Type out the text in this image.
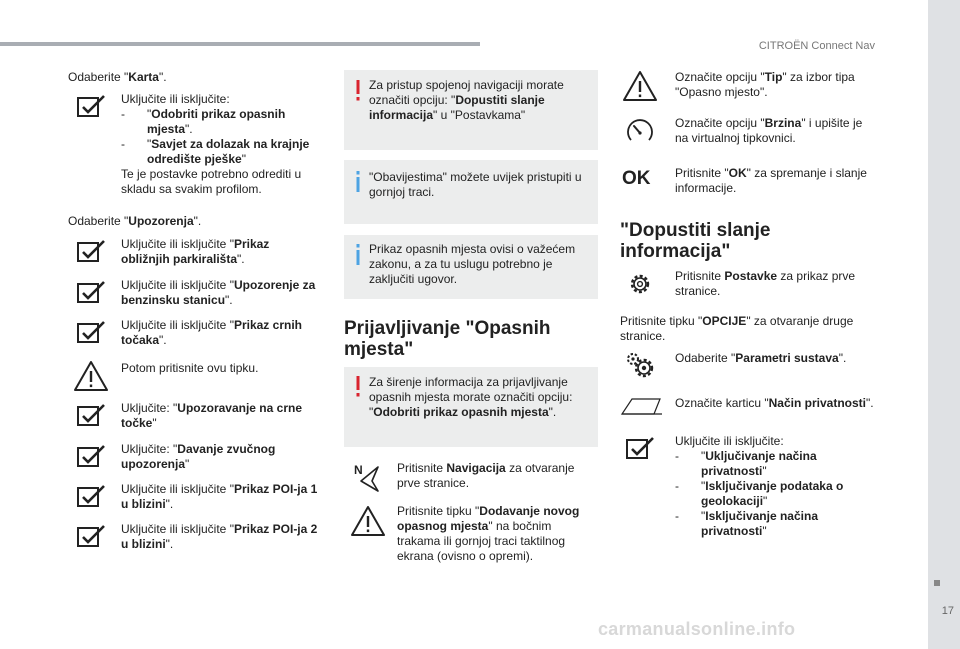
CITROËN Connect Nav
17
carmanualsonline.info
Odaberite "Karta".
Uključite ili isključite:
- "Odobriti prikaz opasnih mjesta".
- "Savjet za dolazak na krajnje odredište pješke"
Te je postavke potrebno odrediti u skladu sa svakim profilom.
Odaberite "Upozorenja".
Uključite ili isključite "Prikaz obližnjih parkirališta".
Uključite ili isključite "Upozorenje za benzinsku stanicu".
Uključite ili isključite "Prikaz crnih točaka".
Potom pritisnite ovu tipku.
Uključite: "Upozoravanje na crne točke"
Uključite: "Davanje zvučnog upozorenja"
Uključite ili isključite "Prikaz POI-ja 1 u blizini".
Uključite ili isključite "Prikaz POI-ja 2 u blizini".
Za pristup spojenoj navigaciji morate označiti opciju: "Dopustiti slanje informacija" u "Postavkama"
"Obavijestima" možete uvijek pristupiti u gornjoj traci.
Prikaz opasnih mjesta ovisi o važećem zakonu, a za tu uslugu potrebno je zaključiti ugovor.
Prijavljivanje "Opasnih mjesta"
Za širenje informacija za prijavljivanje opasnih mjesta morate označiti opciju: "Odobriti prikaz opasnih mjesta".
N	Pritisnite Navigacija za otvaranje prve stranice.
Pritisnite tipku "Dodavanje novog opasnog mjesta" na bočnim trakama ili gornjoj traci taktilnog ekrana (ovisno o opremi).
Označite opciju "Tip" za izbor tipa "Opasno mjesto".
Označite opciju "Brzina" i upišite je na virtualnoj tipkovnici.
OK	Pritisnite "OK" za spremanje i slanje informacije.
"Dopustiti slanje informacija"
Pritisnite Postavke za prikaz prve stranice.
Pritisnite tipku "OPCIJE" za otvaranje druge stranice.
Odaberite "Parametri sustava".
Označite karticu "Način privatnosti".
Uključite ili isključite:
- "Uključivanje načina privatnosti"
- "Isključivanje podataka o geolokaciji"
- "Isključivanje načina privatnosti"
